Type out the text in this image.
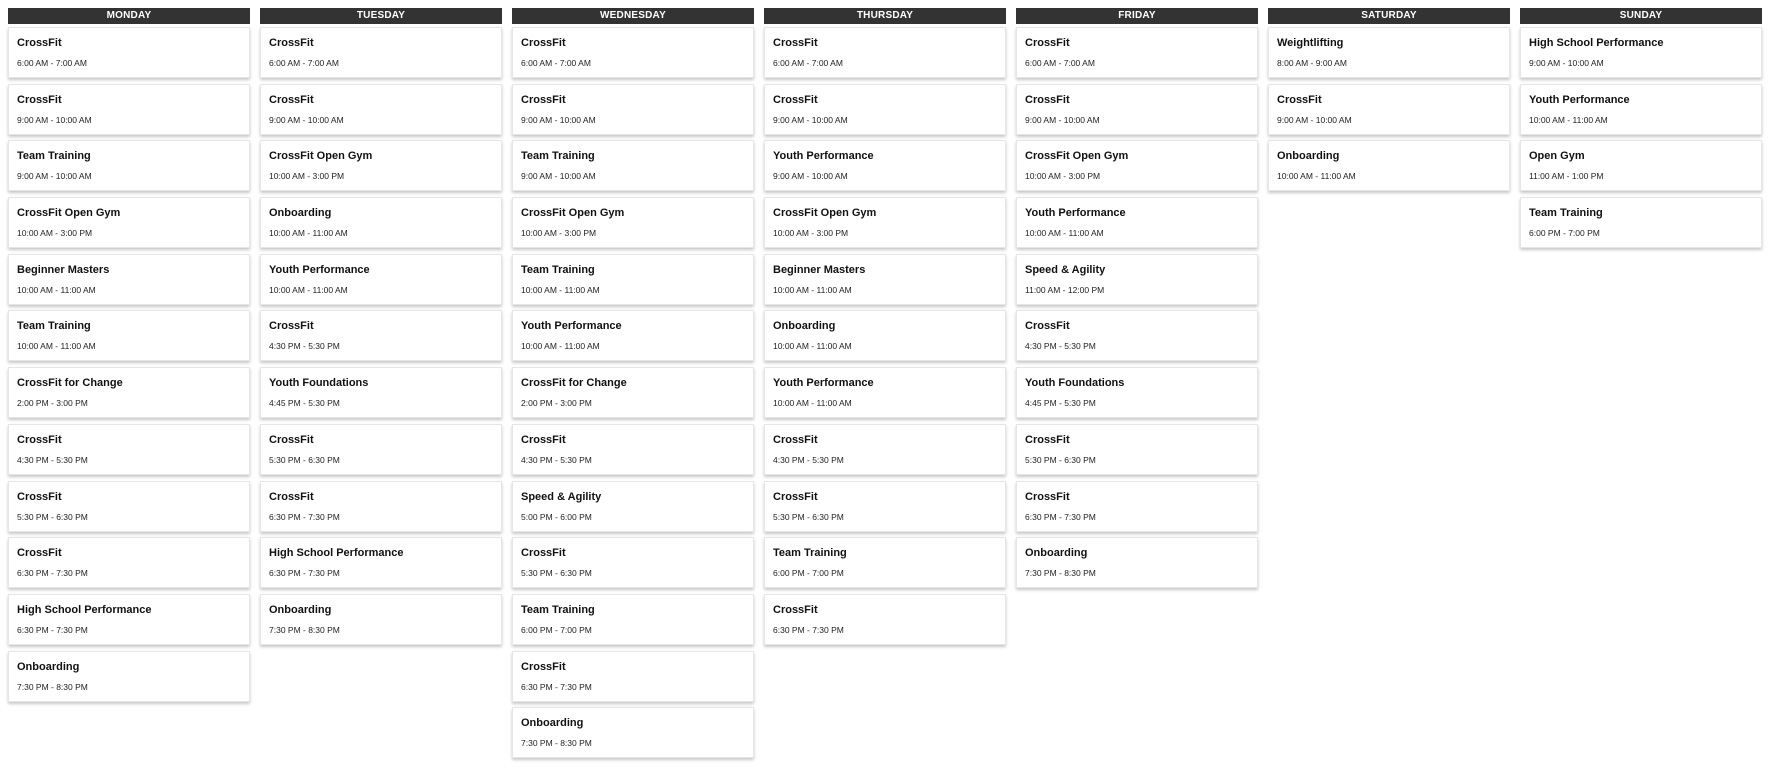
MONDAY
CrossFit
6:00 AM - 7:00 AM
CrossFit
9:00 AM - 10:00 AM
Team Training
9:00 AM - 10:00 AM
CrossFit Open Gym
10:00 AM - 3:00 PM
Beginner Masters
10:00 AM - 11:00 AM
Team Training
10:00 AM - 11:00 AM
CrossFit for Change
2:00 PM - 3:00 PM
CrossFit
4:30 PM - 5:30 PM
CrossFit
5:30 PM - 6:30 PM
CrossFit
6:30 PM - 7:30 PM
High School Performance
6:30 PM - 7:30 PM
Onboarding
7:30 PM - 8:30 PM
TUESDAY
CrossFit
6:00 AM - 7:00 AM
CrossFit
9:00 AM - 10:00 AM
CrossFit Open Gym
10:00 AM - 3:00 PM
Onboarding
10:00 AM - 11:00 AM
Youth Performance
10:00 AM - 11:00 AM
CrossFit
4:30 PM - 5:30 PM
Youth Foundations
4:45 PM - 5:30 PM
CrossFit
5:30 PM - 6:30 PM
CrossFit
6:30 PM - 7:30 PM
High School Performance
6:30 PM - 7:30 PM
Onboarding
7:30 PM - 8:30 PM
WEDNESDAY
CrossFit
6:00 AM - 7:00 AM
CrossFit
9:00 AM - 10:00 AM
Team Training
9:00 AM - 10:00 AM
CrossFit Open Gym
10:00 AM - 3:00 PM
Team Training
10:00 AM - 11:00 AM
Youth Performance
10:00 AM - 11:00 AM
CrossFit for Change
2:00 PM - 3:00 PM
CrossFit
4:30 PM - 5:30 PM
Speed & Agility
5:00 PM - 6:00 PM
CrossFit
5:30 PM - 6:30 PM
Team Training
6:00 PM - 7:00 PM
CrossFit
6:30 PM - 7:30 PM
Onboarding
7:30 PM - 8:30 PM
THURSDAY
CrossFit
6:00 AM - 7:00 AM
CrossFit
9:00 AM - 10:00 AM
Youth Performance
9:00 AM - 10:00 AM
CrossFit Open Gym
10:00 AM - 3:00 PM
Beginner Masters
10:00 AM - 11:00 AM
Onboarding
10:00 AM - 11:00 AM
Youth Performance
10:00 AM - 11:00 AM
CrossFit
4:30 PM - 5:30 PM
CrossFit
5:30 PM - 6:30 PM
Team Training
6:00 PM - 7:00 PM
CrossFit
6:30 PM - 7:30 PM
FRIDAY
CrossFit
6:00 AM - 7:00 AM
CrossFit
9:00 AM - 10:00 AM
CrossFit Open Gym
10:00 AM - 3:00 PM
Youth Performance
10:00 AM - 11:00 AM
Speed & Agility
11:00 AM - 12:00 PM
CrossFit
4:30 PM - 5:30 PM
Youth Foundations
4:45 PM - 5:30 PM
CrossFit
5:30 PM - 6:30 PM
CrossFit
6:30 PM - 7:30 PM
Onboarding
7:30 PM - 8:30 PM
SATURDAY
Weightlifting
8:00 AM - 9:00 AM
CrossFit
9:00 AM - 10:00 AM
Onboarding
10:00 AM - 11:00 AM
SUNDAY
High School Performance
9:00 AM - 10:00 AM
Youth Performance
10:00 AM - 11:00 AM
Open Gym
11:00 AM - 1:00 PM
Team Training
6:00 PM - 7:00 PM
